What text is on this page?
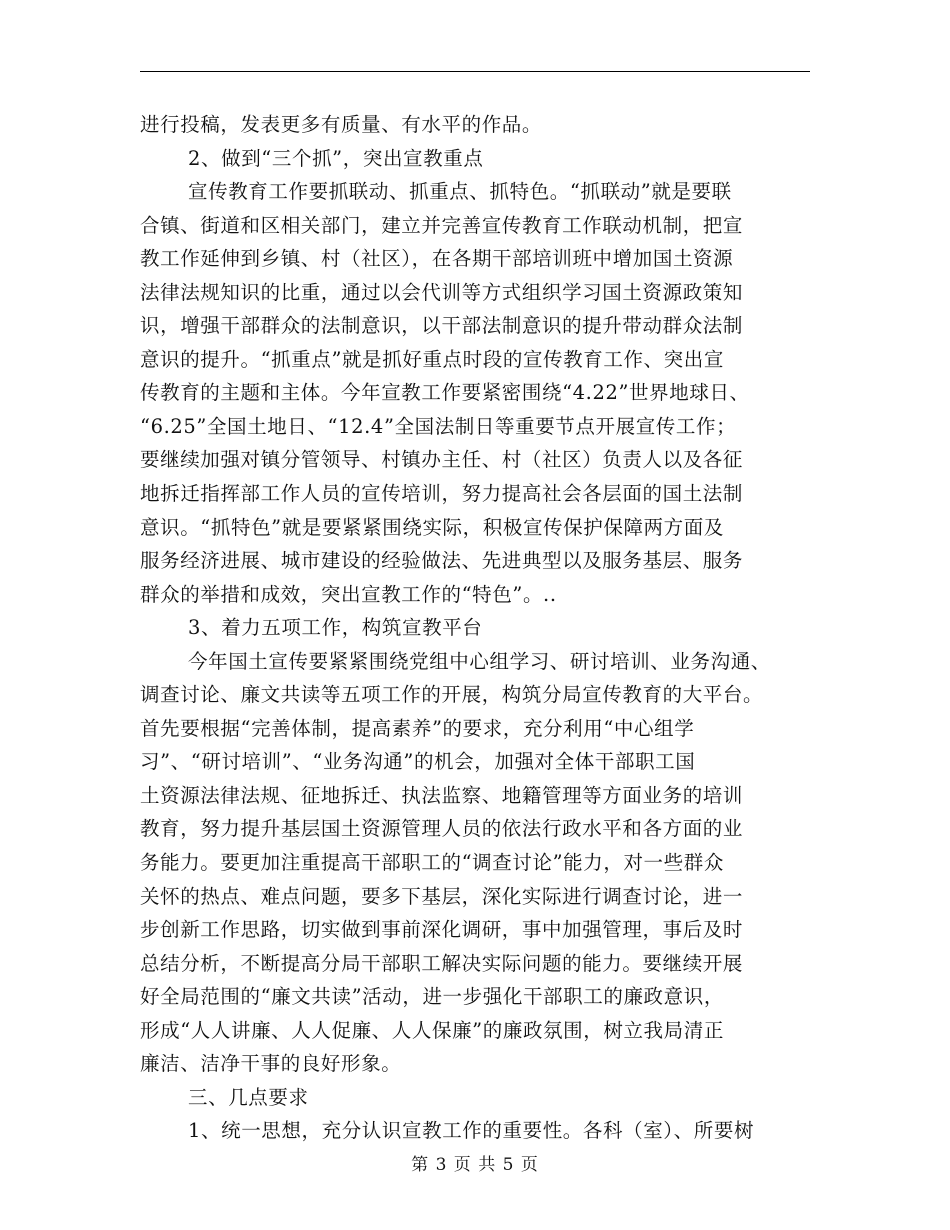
进行投稿，发表更多有质量、有水平的作品。
2、做到“三个抓”，突出宣教重点
宣传教育工作要抓联动、抓重点、抓特色。“抓联动”就是要联
合镇、街道和区相关部门，建立并完善宣传教育工作联动机制，把宣
教工作延伸到乡镇、村（社区），在各期干部培训班中增加国土资源
法律法规知识的比重，通过以会代训等方式组织学习国土资源政策知
识，增强干部群众的法制意识，以干部法制意识的提升带动群众法制
意识的提升。“抓重点”就是抓好重点时段的宣传教育工作、突出宣
传教育的主题和主体。今年宣教工作要紧密围绕“4.22”世界地球日、
“6.25”全国土地日、“12.4”全国法制日等重要节点开展宣传工作；
要继续加强对镇分管领导、村镇办主任、村（社区）负责人以及各征
地拆迁指挥部工作人员的宣传培训，努力提高社会各层面的国土法制
意识。“抓特色”就是要紧紧围绕实际，积极宣传保护保障两方面及
服务经济进展、城市建设的经验做法、先进典型以及服务基层、服务
群众的举措和成效，突出宣教工作的“特色”。..
3、着力五项工作，构筑宣教平台
今年国土宣传要紧紧围绕党组中心组学习、研讨培训、业务沟通、
调查讨论、廉文共读等五项工作的开展，构筑分局宣传教育的大平台。
首先要根据“完善体制，提高素养”的要求，充分利用“中心组学
习”、“研讨培训”、“业务沟通”的机会，加强对全体干部职工国
土资源法律法规、征地拆迁、执法监察、地籍管理等方面业务的培训
教育，努力提升基层国土资源管理人员的依法行政水平和各方面的业
务能力。要更加注重提高干部职工的“调查讨论”能力，对一些群众
关怀的热点、难点问题，要多下基层，深化实际进行调查讨论，进一
步创新工作思路，切实做到事前深化调研，事中加强管理，事后及时
总结分析，不断提高分局干部职工解决实际问题的能力。要继续开展
好全局范围的“廉文共读”活动，进一步强化干部职工的廉政意识，
形成“人人讲廉、人人促廉、人人保廉”的廉政氛围，树立我局清正
廉洁、洁净干事的良好形象。
三、几点要求
1、统一思想，充分认识宣教工作的重要性。各科（室）、所要树
第 3 页 共 5 页
